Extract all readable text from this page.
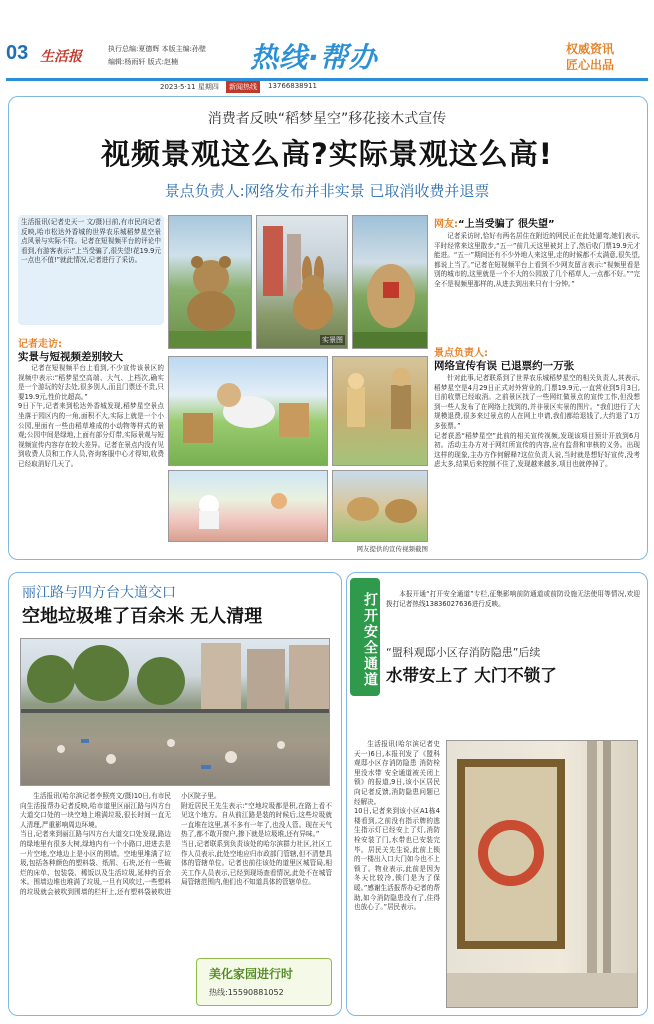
03 生活报	执行总编:夏德辉 本版主编:孙壁
编辑:杨雨轩 版式:赵楠	热线·帮办	权威资讯
匠心出品
2023·5·11 星期四	新闻热线	13766838911
消费者反映“稻梦星空”移花接木式宣传
视频景观这么高?实际景观这么高!
景点负责人:网络发布并非实景 已取消收费并退票
生活报讯(记者史天一 文/摄)日前,有市民向记者反映,哈市松达外香城的世界农乐城稻梦星空景点风景与实际不符。记者在短视频平台的评论中看到,有游客表示:“上当受骗了,很失望!花19.9元一点也不值!”就此情况,记者进行了采访。
记者走访:
实景与短视频差别较大
记者在短视频平台上看到,不少宣传该景区的视频中表示:“稻梦星空高端、大气、上档次,确实是一个游玩的好去处,很多别人,而且门票还不贵,只要19.9元,性价比超高。”
9日下午,记者来到松达外香城发现,稻梦星空景点坐落于园区内的一角,面积不大,实际上就是一个小公园,里面有一些由稻草堆成的小动物等样式的景观;公园中间是绿地,上面有部分灯带,实际景观与短视频宣传内容存在较大差异。记者在景点内没有见到收费人员和工作人员,咨询客服中心才得知,收费已经取消好几天了。
实景图
网友提供的宣传视频截图
网友:“上当受骗了 很失望”
记者采访时,恰好有两名居住在附近的网民正在此处遛弯,她们表示,平时经常来这里散步,“五一”前几天这里被封上了,然后收门票19.9元才能进。“五一”期间还有不少外地人来这里,走的时候都不太满意,很失望,都说上当了。”记者在短视频平台上看到不少网友留言表示:“视频里看是别的城市的,这里就是一个不大的公园放了几个稻草人,一点都不好。”“完全不是视频里那样的,从进去到出来只有十分钟。”
景点负责人:
网络宣传有误 已退票约一万张
针对此事,记者联系到了世界农乐城稻梦星空的相关负责人,其表示,稻梦星空是4月29日正式对外营业的,门票19.9元,一直营业到5月3日,目前收票已经取消。之前景区找了一些网红做景点的宣传工作,但没想到一些人发布了在网络上找到的,并非景区实景的图片。“我们进行了大规模退费,很多来过景点的人在网上申请,我们都给退钱了,大约退了1万多张票。”
记者获悉“稻梦星空”此前的相关宣传视频,发现该项目预计开放到6月初。活动主办方对于网红所宣传的内容,应有监督和审核的义务。出现这样的现象,主办方作何解释?这位负责人说,当时就是想好好宣传,没考虑太多,结果后来控制不住了,发现越来越多,项目也就停掉了。
丽江路与四方台大道交口
空地垃圾堆了百余米 无人清理
生活报讯(哈尔滨记者李照亮文/摄)10日,有市民向生活报帮办记者反映,哈市道里区丽江路与四方台大道交口处的一块空地上堆满垃圾,很长时间一直无人清理,严重影响周边环境。
当日,记者来到丽江路与四方台大道交口处发现,路边的绿地里有很多大树,绿地内有一个小路口,进进去是一片空地,空地边上是小区的围墙。空地里堆满了垃圾,包括各种颜色的塑料袋、纸屑、石块,还有一些破烂的床单、包装袋、稀饭以及生活垃圾,延伸约百余米。围墙边堆也堆满了垃圾,一旦有风吹过,一些塑料的垃圾就会被吹到围墙的栏杆上,还有塑料袋被吹进小区院子里。
附近居民王先生表示:“空地垃圾都是积,在路上看不见这个地方。自从前江路是装的时候后,这些垃圾就一直堆在这里,甚不多有一年了,也没人管。现在天气热了,都不敢开窗户,掺下就是垃圾堆,还有异味。”
当日,记者联系到负责该处的哈尔滨群力社区,社区工作人员表示,此处空地应归市政部门管辖,但不清楚具体的管辖单位。记者也前往该处的道里区城管局,相关工作人员表示,已经到现场查看情况,此处不在城管局管辖范围内,他们也不知道具体的管辖单位。
美化家园进行时
热线:15590881052
打开安全通道	本报开通“打开安全通道”专栏,征集影响前防通道或前防设施无法使用等情况,欢迎拨打记者热线13836027636进行反映。
“盟科观邸小区存消防隐患”后续
水带安上了 大门不锁了
生活报讯(哈尔滨记者史天一)6日,本报刊发了《盟科观邸小区存消防隐患 消防栓里没水带 安全通道被关闭上锁》的报道,9日,该小区居民向记者反馈,消防隐患问题已经解决。
10日,记者来到该小区A1栋4楼看到,之前没有指示牌的逃生指示灯已经安上了灯,消防栓安装了门,水带也已安装完毕。居民关先生说,此前上锁的一楼出入口大门如今也不上锁了。物业表示,此前是因为冬天比较冷,锁门是为了保暖。”感谢生活报帮办记者的帮助,如今消防隐患没有了,住得也放心了。”居民表示。
